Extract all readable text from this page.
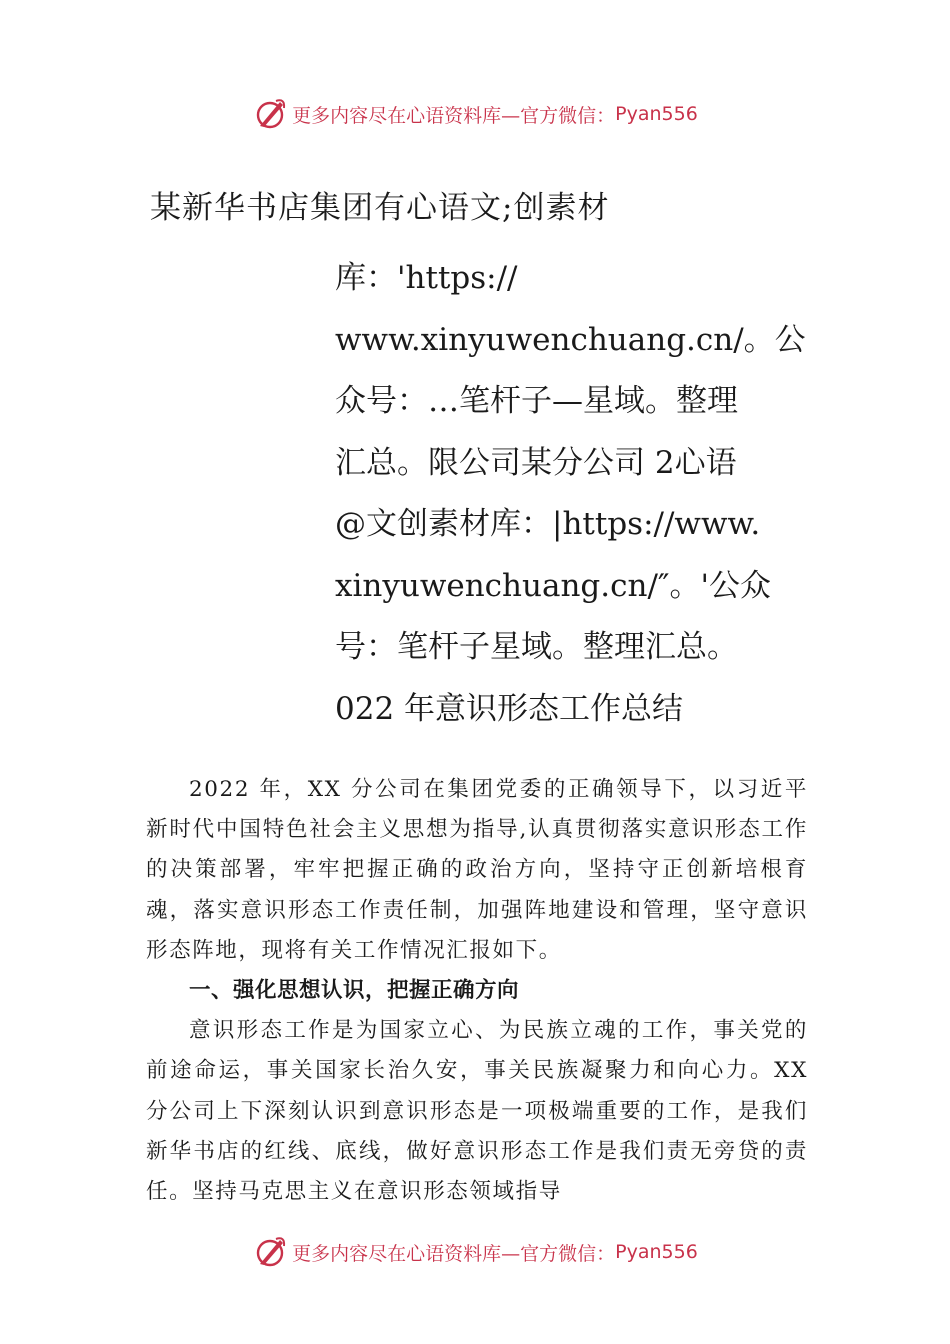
更多内容尽在心语资料库—官方微信： Pyan556
某新华书店集团有心语文;创素材
库：'https://
www.xinyuwenchuang.cn/。公
众号：…笔杆子—星域。整理
汇总。限公司某分公司 2心语
@文创素材库：|https://www.
xinyuwenchuang.cn/″。'公众
号：笔杆子星域。整理汇总。
022 年意识形态工作总结

2022 年，XX 分公司在集团党委的正确领导下，以习近平新时代中国特色社会主义思想为指导,认真贯彻落实意识形态工作的决策部署，牢牢把握正确的政治方向，坚持守正创新培根育魂，落实意识形态工作责任制，加强阵地建设和管理，坚守意识形态阵地，现将有关工作情况汇报如下。

一、强化思想认识，把握正确方向

意识形态工作是为国家立心、为民族立魂的工作，事关党的前途命运，事关国家长治久安，事关民族凝聚力和向心力。XX 分公司上下深刻认识到意识形态是一项极端重要的工作，是我们新华书店的红线、底线，做好意识形态工作是我们责无旁贷的责任。坚持马克思主义在意识形态领域指导

更多内容尽在心语资料库—官方微信： Pyan556
